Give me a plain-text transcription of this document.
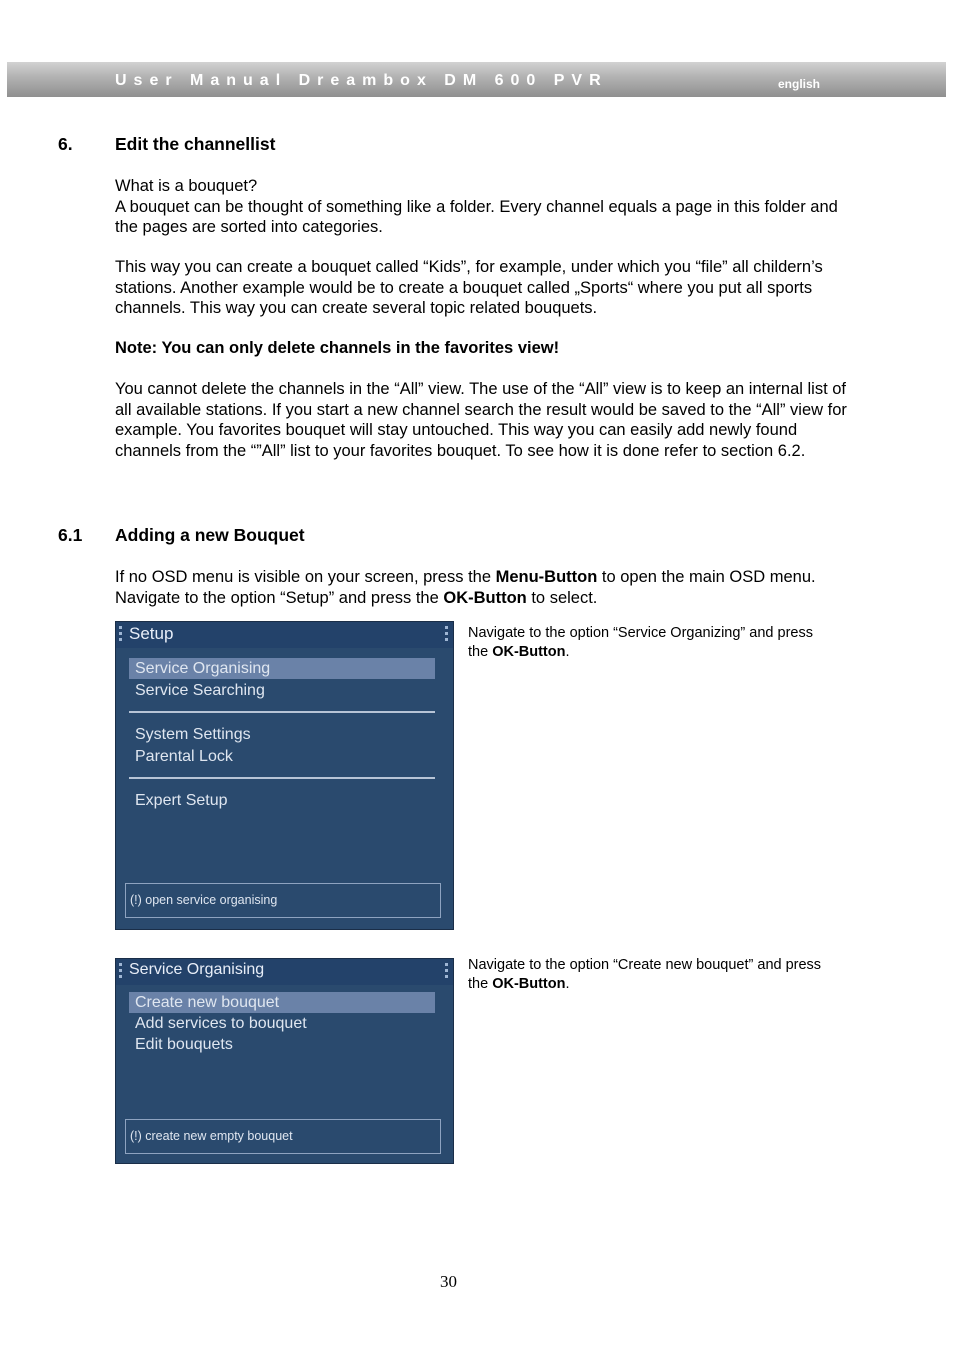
User Manual Dreambox DM 600 PVR	english
6. Edit the channellist

What is a bouquet?
A bouquet can be thought of something like a folder. Every channel equals a page in this folder and the pages are sorted into categories.

This way you can create a bouquet called “Kids”, for example, under which you “file” all childern’s stations. Another example would be to create a bouquet called „Sports“ where you put all sports channels. This way you can create several topic related bouquets.

Note: You can only delete channels in the favorites view!

You cannot delete the channels in the “All” view. The use of the “All” view is to keep an internal list of all available stations. If you start a new channel search the result would be saved to the “All” view for example. You favorites bouquet will stay untouched. This way you can easily add newly found channels from the “”All” list to your favorites bouquet. To see how it is done refer to section 6.2.

6.1 Adding a new Bouquet

If no OSD menu is visible on your screen, press the Menu-Button to open the main OSD menu. Navigate to the option “Setup” and press the OK-Button to select.

Setup
Service Organising
Service Searching
System Settings
Parental Lock
Expert Setup
(!) open service organising

Navigate to the option “Service Organizing” and press the OK-Button.

Service Organising
Create new bouquet
Add services to bouquet
Edit bouquets
(!) create new empty bouquet

Navigate to the option “Create new bouquet” and press the OK-Button.

30
